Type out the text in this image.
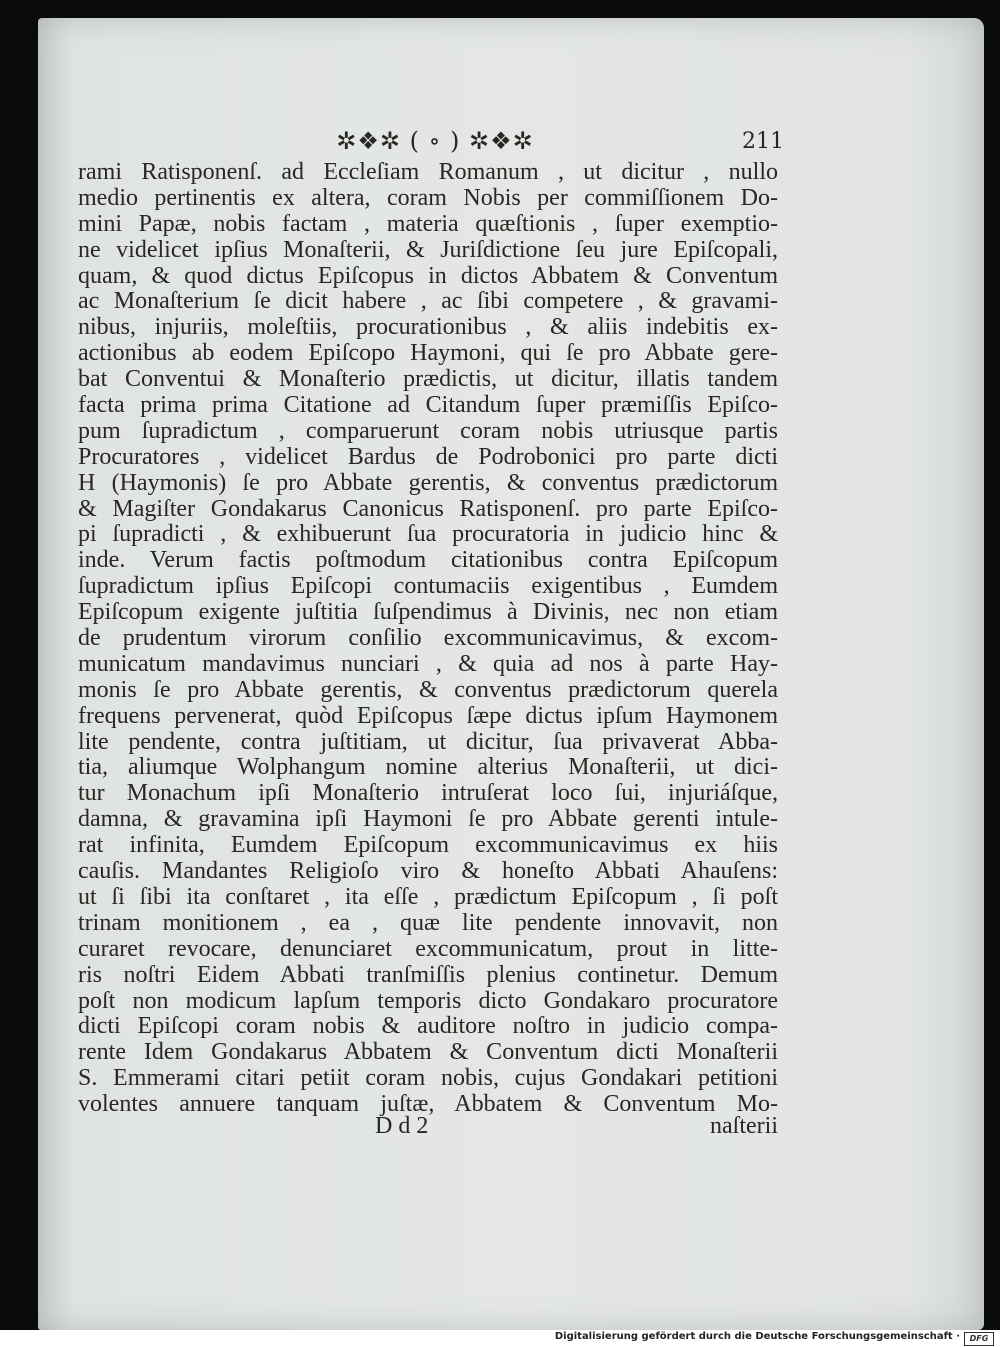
✲❖✲ ( ∘ ) ✲❖✲	211
rami Ratisponenſ. ad Eccleſiam Romanum , ut dicitur , nullo
medio pertinentis ex altera, coram Nobis per commiſſionem Do-
mini Papæ, nobis factam , materia quæſtionis , ſuper exemptio-
ne videlicet ipſius Monaſterii, & Juriſdictione ſeu jure Epiſcopali,
quam, & quod dictus Epiſcopus in dictos Abbatem & Conventum
ac Monaſterium ſe dicit habere , ac ſibi competere , & gravami-
nibus, injuriis, moleſtiis, procurationibus , & aliis indebitis ex-
actionibus ab eodem Epiſcopo Haymoni, qui ſe pro Abbate gere-
bat Conventui & Monaſterio prædictis, ut dicitur, illatis tandem
facta prima prima Citatione ad Citandum ſuper præmiſſis Epiſco-
pum ſupradictum , comparuerunt coram nobis utriusque partis
Procuratores , videlicet Bardus de Podrobonici pro parte dicti
H (Haymonis) ſe pro Abbate gerentis, & conventus prædictorum
& Magiſter Gondakarus Canonicus Ratisponenſ. pro parte Epiſco-
pi ſupradicti , & exhibuerunt ſua procuratoria in judicio hinc &
inde. Verum factis poſtmodum citationibus contra Epiſcopum
ſupradictum ipſius Epiſcopi contumaciis exigentibus , Eumdem
Epiſcopum exigente juſtitia ſuſpendimus à Divinis, nec non etiam
de prudentum virorum conſilio excommunicavimus, & excom-
municatum mandavimus nunciari , & quia ad nos à parte Hay-
monis ſe pro Abbate gerentis, & conventus prædictorum querela
frequens pervenerat, quòd Epiſcopus ſæpe dictus ipſum Haymonem
lite pendente, contra juſtitiam, ut dicitur, ſua privaverat Abba-
tia, aliumque Wolphangum nomine alterius Monaſterii, ut dici-
tur Monachum ipſi Monaſterio intruſerat loco ſui, injuriáſque,
damna, & gravamina ipſi Haymoni ſe pro Abbate gerenti intule-
rat infinita, Eumdem Epiſcopum excommunicavimus ex hiis
cauſis. Mandantes Religioſo viro & honeſto Abbati Ahauſens:
ut ſi ſibi ita conſtaret , ita eſſe , prædictum Epiſcopum , ſi poſt
trinam monitionem , ea , quæ lite pendente innovavit, non
curaret revocare, denunciaret excommunicatum, prout in litte-
ris noſtri Eidem Abbati tranſmiſſis plenius continetur. Demum
poſt non modicum lapſum temporis dicto Gondakaro procuratore
dicti Epiſcopi coram nobis & auditore noſtro in judicio compa-
rente Idem Gondakarus Abbatem & Conventum dicti Monaſterii
S. Emmerami citari petiit coram nobis, cujus Gondakari petitioni
volentes annuere tanquam juſtæ, Abbatem & Conventum Mo-
D d 2	naſterii
Digitalisierung gefördert durch die Deutsche Forschungsgemeinschaft ·	DFG
